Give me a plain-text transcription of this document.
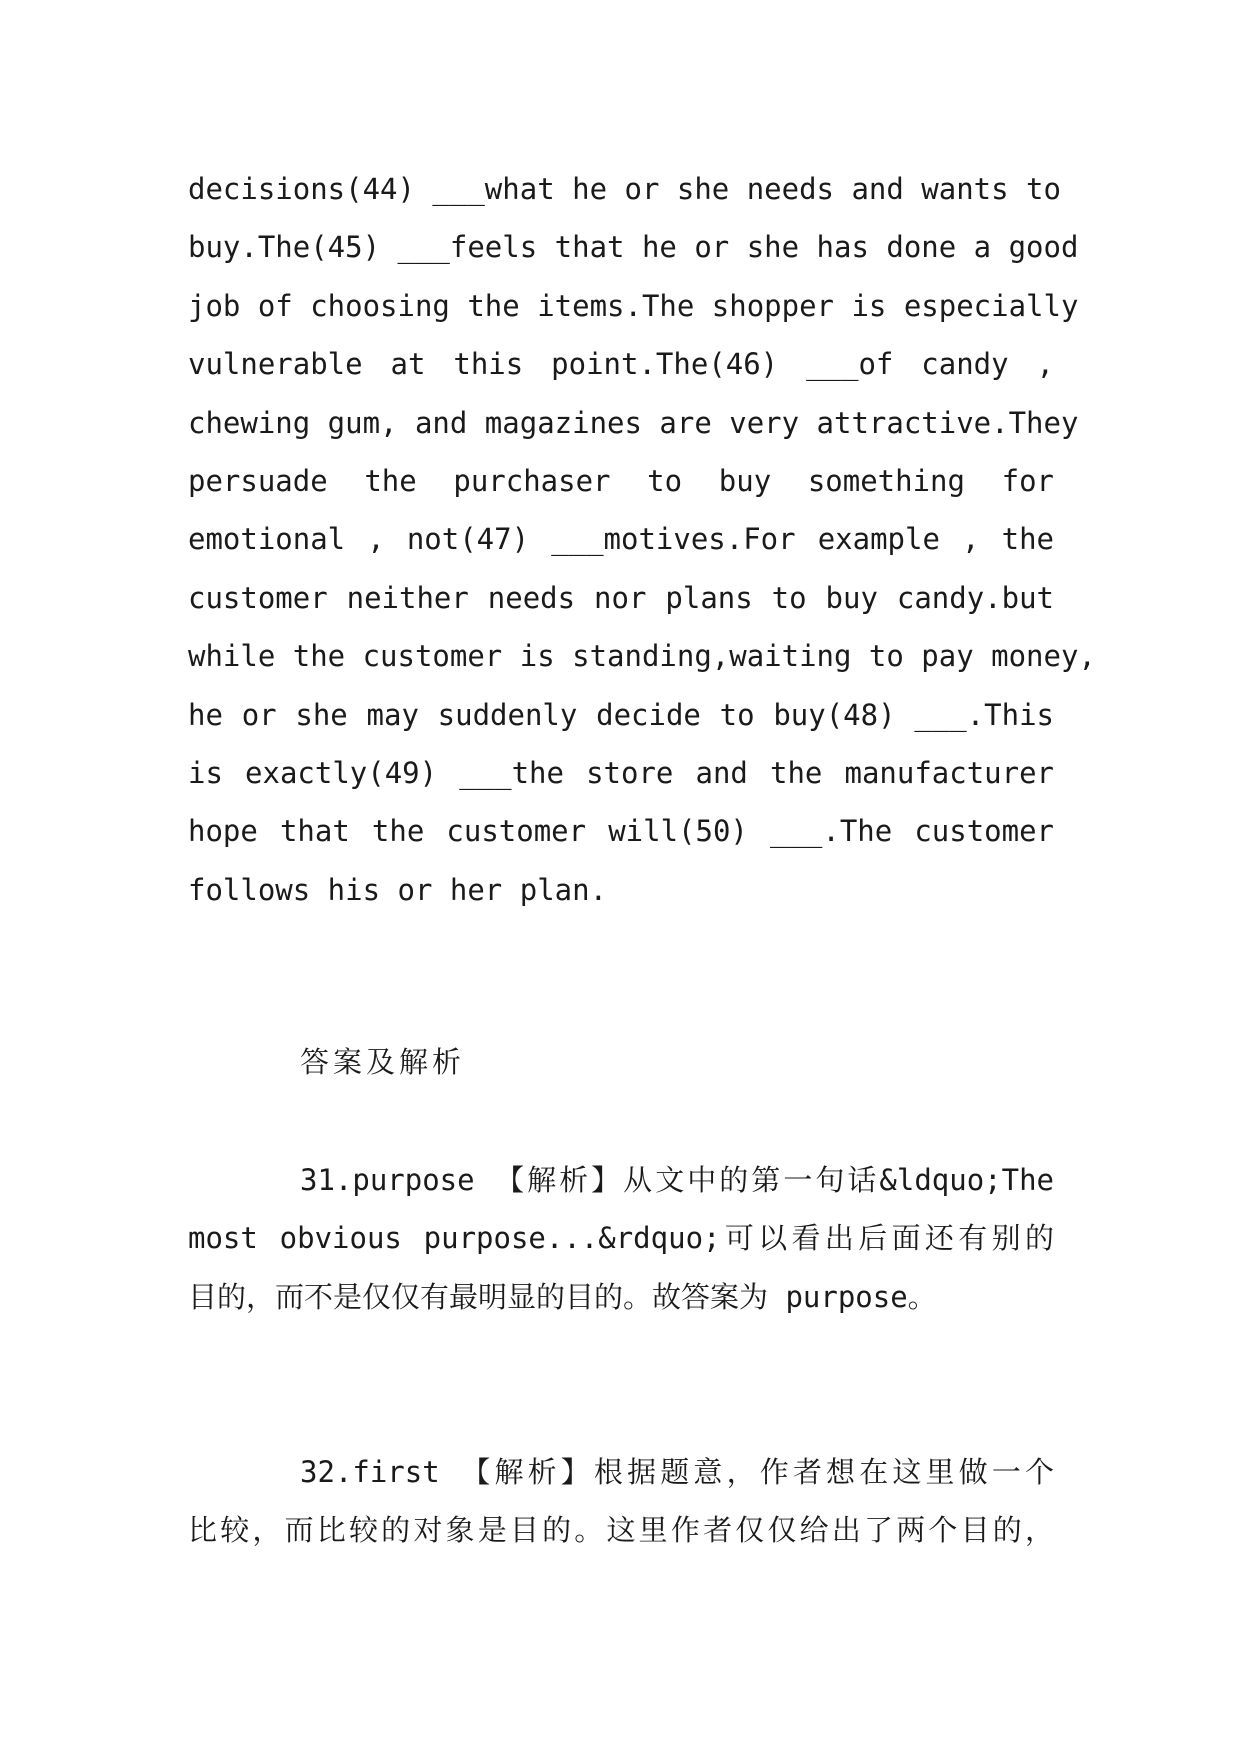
decisions(44) ___what he or she needs and wants to
buy.The(45) ___feels that he or she has done a good
job of choosing the items.The shopper is especially
vulnerable at this point.The(46) ___of candy ,
chewing gum, and magazines are very attractive.They
persuade the purchaser to buy something for
emotional , not(47) ___motives.For example , the
customer neither needs nor plans to buy candy.but
while the customer is standing,waiting to pay money,
he or she may suddenly decide to buy(48) ___.This
is exactly(49) ___the store and the manufacturer
hope that the customer will(50) ___.The customer
follows his or her plan.
答案及解析
31.purpose 【解析】从文中的第一句话&ldquo;The
most obvious purpose...&rdquo;可以看出后面还有别的
目的，而不是仅仅有最明显的目的。故答案为 purpose。
32.first 【解析】根据题意，作者想在这里做一个
比较，而比较的对象是目的。这里作者仅仅给出了两个目的，
